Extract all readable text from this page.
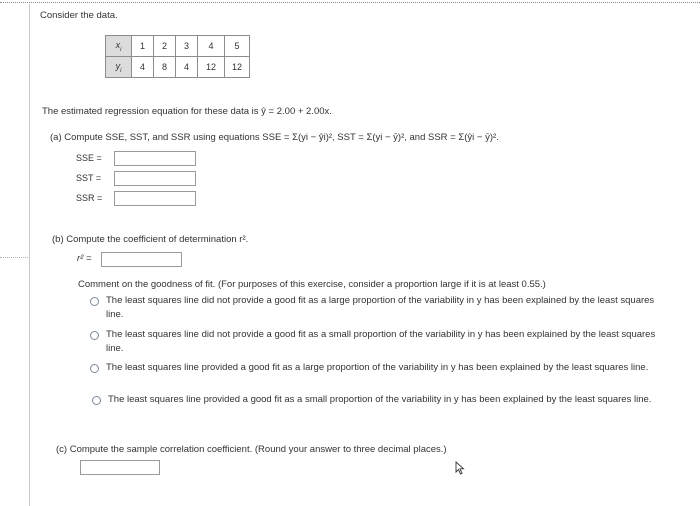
Consider the data.
$x_i$	1	2	3	4	5
$y_i$	4	8	4	12	12
The estimated regression equation for these data is ŷ = 2.00 + 2.00x.
(a) Compute SSE, SST, and SSR using equations SSE = Σ(yi − ŷi)², SST = Σ(yi − ȳ)², and SSR = Σ(ŷi − ȳ)².
SSE =
SST =
SSR =
(b) Compute the coefficient of determination r².
r² =
Comment on the goodness of fit. (For purposes of this exercise, consider a proportion large if it is at least 0.55.)
The least squares line did not provide a good fit as a large proportion of the variability in y has been explained by the least squares line.
The least squares line did not provide a good fit as a small proportion of the variability in y has been explained by the least squares line.
The least squares line provided a good fit as a large proportion of the variability in y has been explained by the least squares line.
The least squares line provided a good fit as a small proportion of the variability in y has been explained by the least squares line.
(c) Compute the sample correlation coefficient. (Round your answer to three decimal places.)
